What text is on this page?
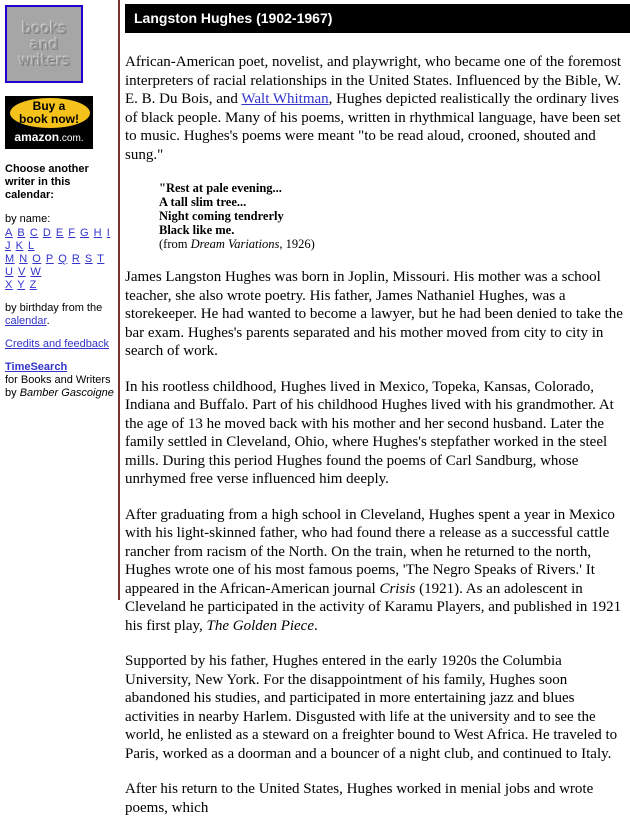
books
and
writers
Buy a
book now!
amazon.com.
Choose another writer in this calendar:
by name:
A B C D E F G H I J K L
M N O P Q R S T U V W
X Y Z
by birthday from the calendar.
Credits and feedback
TimeSearch
for Books and Writers
by Bamber Gascoigne
Langston Hughes (1902-1967)

African-American poet, novelist, and playwright, who became one of the foremost interpreters of racial relationships in the United States. Influenced by the Bible, W. E. B. Du Bois, and Walt Whitman, Hughes depicted realistically the ordinary lives of black people. Many of his poems, written in rhythmical language, have been set to music. Hughes's poems were meant "to be read aloud, crooned, shouted and sung."

"Rest at pale evening...
A tall slim tree...
Night coming tendrerly
Black like me.
(from Dream Variations, 1926)

James Langston Hughes was born in Joplin, Missouri. His mother was a school teacher, she also wrote poetry. His father, James Nathaniel Hughes, was a storekeeper. He had wanted to become a lawyer, but he had been denied to take the bar exam. Hughes's parents separated and his mother moved from city to city in search of work.

In his rootless childhood, Hughes lived in Mexico, Topeka, Kansas, Colorado, Indiana and Buffalo. Part of his childhood Hughes lived with his grandmother. At the age of 13 he moved back with his mother and her second husband. Later the family settled in Cleveland, Ohio, where Hughes's stepfather worked in the steel mills. During this period Hughes found the poems of Carl Sandburg, whose unrhymed free verse influenced him deeply.

After graduating from a high school in Cleveland, Hughes spent a year in Mexico with his light-skinned father, who had found there a release as a successful cattle rancher from racism of the North. On the train, when he returned to the north, Hughes wrote one of his most famous poems, 'The Negro Speaks of Rivers.' It appeared in the African-American journal Crisis (1921). As an adolescent in Cleveland he participated in the activity of Karamu Players, and published in 1921 his first play, The Golden Piece.

Supported by his father, Hughes entered in the early 1920s the Columbia University, New York. For the disappointment of his family, Hughes soon abandoned his studies, and participated in more entertaining jazz and blues activities in nearby Harlem. Disgusted with life at the university and to see the world, he enlisted as a steward on a freighter bound to West Africa. He traveled to Paris, worked as a doorman and a bouncer of a night club, and continued to Italy.

After his return to the United States, Hughes worked in menial jobs and wrote poems, which
